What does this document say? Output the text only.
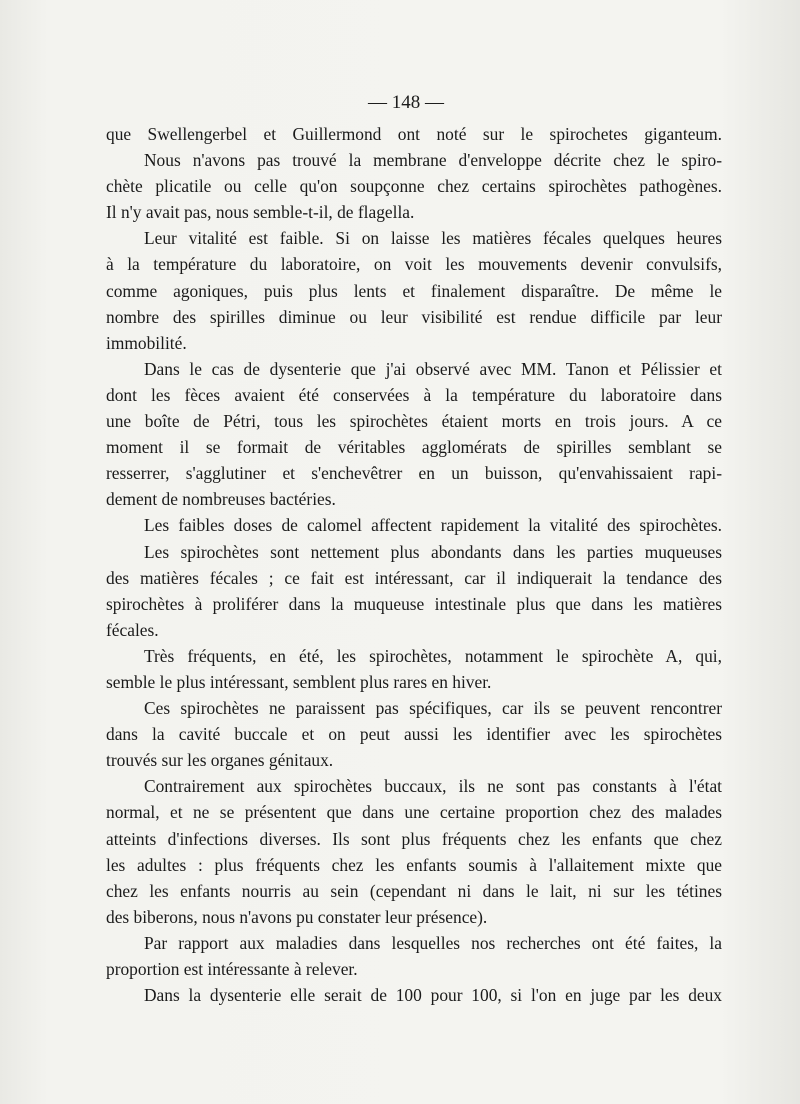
— 148 —
que Swellengerbel et Guillermond ont noté sur le spirochetes giganteum.
Nous n'avons pas trouvé la membrane d'enveloppe décrite chez le spiro-
chète plicatile ou celle qu'on soupçonne chez certains spirochètes pathogènes.
Il n'y avait pas, nous semble-t-il, de flagella.
Leur vitalité est faible. Si on laisse les matières fécales quelques heures
à la température du laboratoire, on voit les mouvements devenir convulsifs,
comme agoniques, puis plus lents et finalement disparaître. De même le
nombre des spirilles diminue ou leur visibilité est rendue difficile par leur
immobilité.
Dans le cas de dysenterie que j'ai observé avec MM. Tanon et Pélissier et
dont les fèces avaient été conservées à la température du laboratoire dans
une boîte de Pétri, tous les spirochètes étaient morts en trois jours. A ce
moment il se formait de véritables agglomérats de spirilles semblant se
resserrer, s'agglutiner et s'enchevêtrer en un buisson, qu'envahissaient rapi-
dement de nombreuses bactéries.
Les faibles doses de calomel affectent rapidement la vitalité des spirochètes.
Les spirochètes sont nettement plus abondants dans les parties muqueuses
des matières fécales ; ce fait est intéressant, car il indiquerait la tendance des
spirochètes à proliférer dans la muqueuse intestinale plus que dans les matières
fécales.
Très fréquents, en été, les spirochètes, notamment le spirochète A, qui,
semble le plus intéressant, semblent plus rares en hiver.
Ces spirochètes ne paraissent pas spécifiques, car ils se peuvent rencontrer
dans la cavité buccale et on peut aussi les identifier avec les spirochètes
trouvés sur les organes génitaux.
Contrairement aux spirochètes buccaux, ils ne sont pas constants à l'état
normal, et ne se présentent que dans une certaine proportion chez des malades
atteints d'infections diverses. Ils sont plus fréquents chez les enfants que chez
les adultes : plus fréquents chez les enfants soumis à l'allaitement mixte que
chez les enfants nourris au sein (cependant ni dans le lait, ni sur les tétines
des biberons, nous n'avons pu constater leur présence).
Par rapport aux maladies dans lesquelles nos recherches ont été faites, la
proportion est intéressante à relever.
Dans la dysenterie elle serait de 100 pour 100, si l'on en juge par les deux
